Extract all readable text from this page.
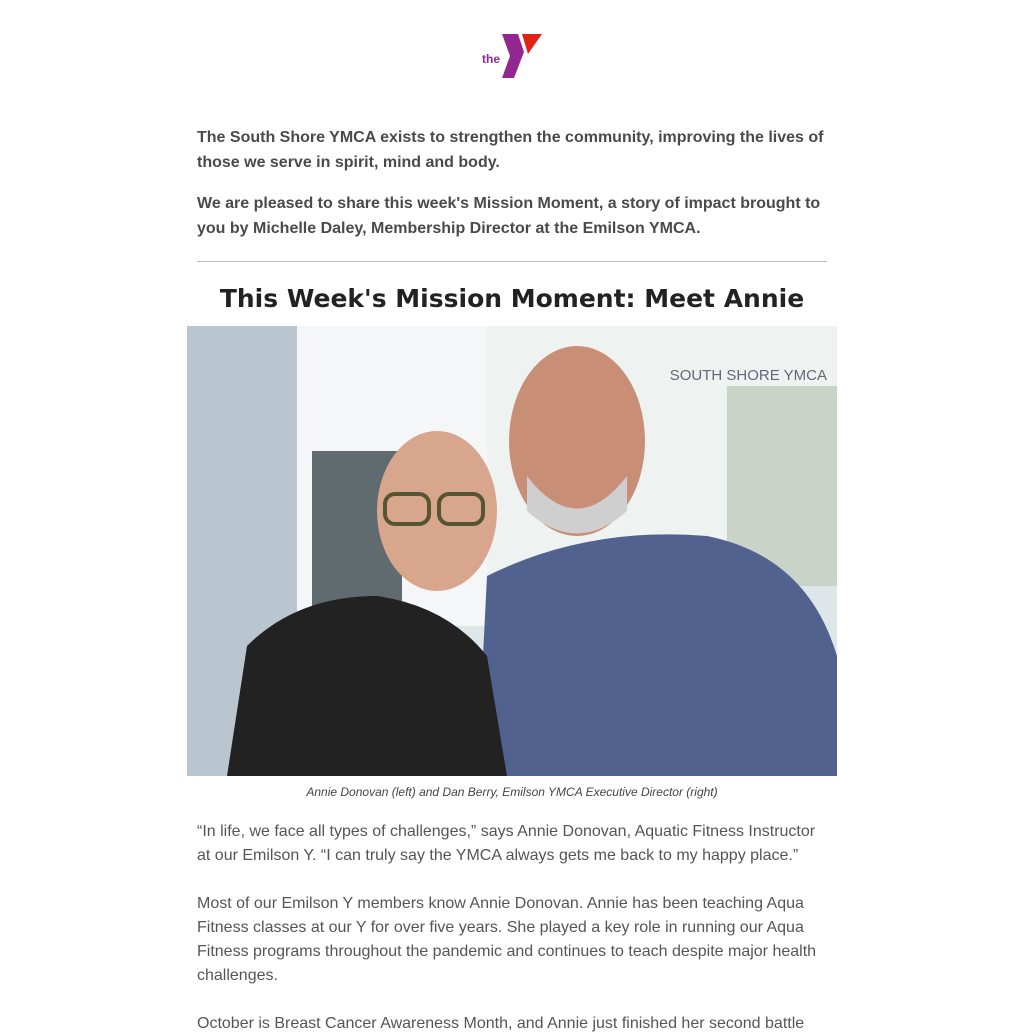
the

The South Shore YMCA exists to strengthen the community, improving the lives of those we serve in spirit, mind and body.

We are pleased to share this week's Mission Moment, a story of impact brought to you by Michelle Daley, Membership Director at the Emilson YMCA.

This Week's Mission Moment: Meet Annie
SOUTH SHORE YMCA
Annie Donovan (left) and Dan Berry, Emilson YMCA Executive Director (right)

“In life, we face all types of challenges,” says Annie Donovan, Aquatic Fitness Instructor at our Emilson Y. “I can truly say the YMCA always gets me back to my happy place.”

Most of our Emilson Y members know Annie Donovan. Annie has been teaching Aqua Fitness classes at our Y for over five years. She played a key role in running our Aqua Fitness programs throughout the pandemic and continues to teach despite major health challenges.

October is Breast Cancer Awareness Month, and Annie just finished her second battle
